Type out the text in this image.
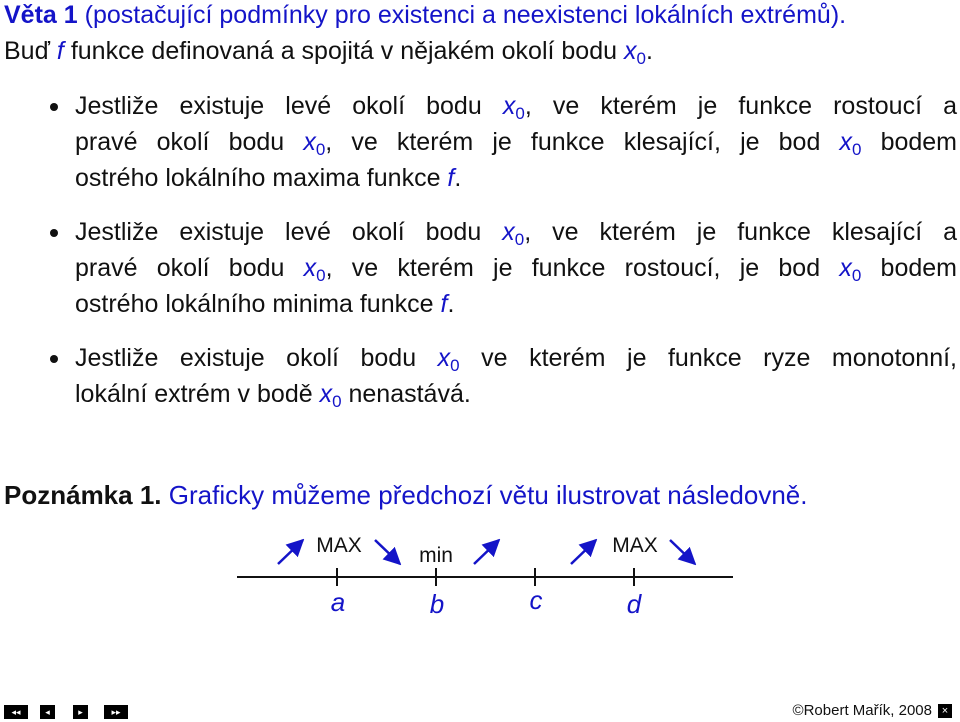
Věta 1 (postačující podmínky pro existenci a neexistenci lokálních extrémů).
Buď f funkce definovaná a spojitá v nějakém okolí bodu $x_0$.
Jestliže existuje levé okolí bodu $x_0$, ve kterém je funkce rostoucí a
pravé okolí bodu $x_0$, ve kterém je funkce klesající, je bod $x_0$ bodem
ostrého lokálního maxima funkce f.
Jestliže existuje levé okolí bodu $x_0$, ve kterém je funkce klesající a
pravé okolí bodu $x_0$, ve kterém je funkce rostoucí, je bod $x_0$ bodem
ostrého lokálního minima funkce f.
Jestliže existuje okolí bodu $x_0$ ve kterém je funkce ryze monotonní,
lokální extrém v bodě $x_0$ nenastává.
Poznámka 1. Graficky můžeme předchozí větu ilustrovat následovně.
MAX	min	MAX
a	b	c	d
◂◂	◂	▸	▸▸	©Robert Mařík, 2008 ×
